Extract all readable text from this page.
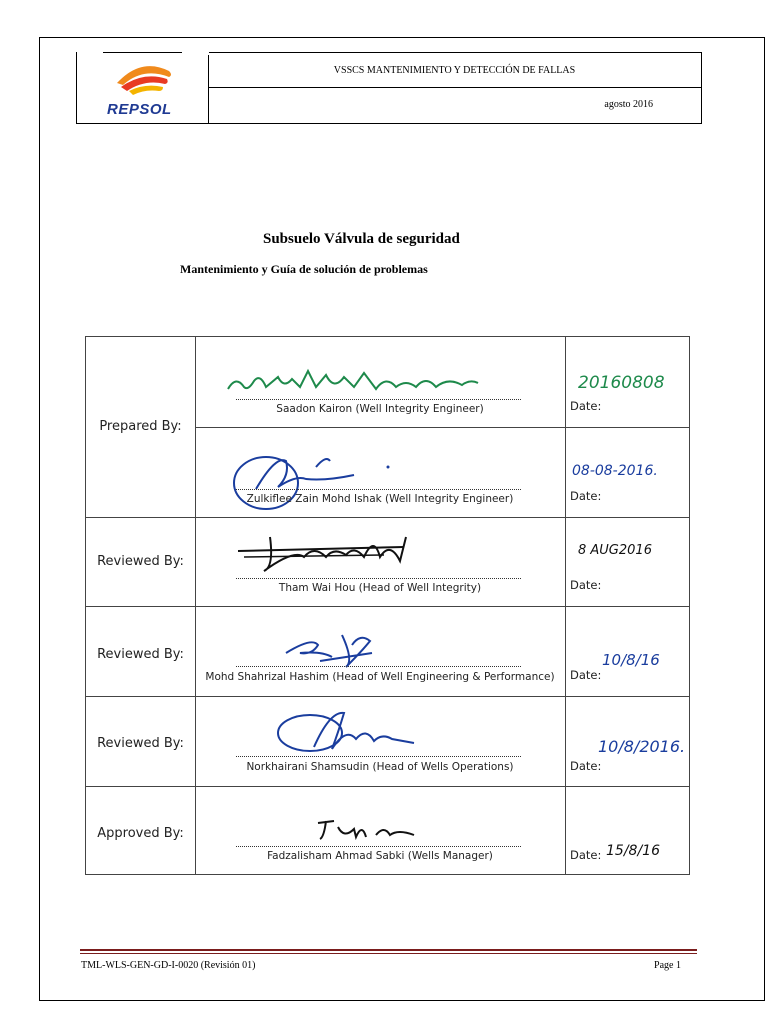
REPSOL
VSSCS MANTENIMIENTO Y DETECCIÓN DE FALLAS
agosto 2016
Subsuelo Válvula de seguridad
Mantenimiento y Guía de solución de problemas
Prepared By:
Saadon Kairon (Well Integrity Engineer)
20160808
Date:
Zulkiflee Zain Mohd Ishak (Well Integrity Engineer)
08-08-2016.
Date:
Reviewed By:
Tham Wai Hou (Head of Well Integrity)
8 AUG2016
Date:
Reviewed By:
Mohd Shahrizal Hashim (Head of Well Engineering & Performance)
10/8/16
Date:
Reviewed By:
Norkhairani Shamsudin (Head of Wells Operations)
10/8/2016.
Date:
Approved By:
Fadzalisham Ahmad Sabki (Wells Manager)	Date: 15/8/16
TML-WLS-GEN-GD-I-0020 (Revisión 01)	Page 1
